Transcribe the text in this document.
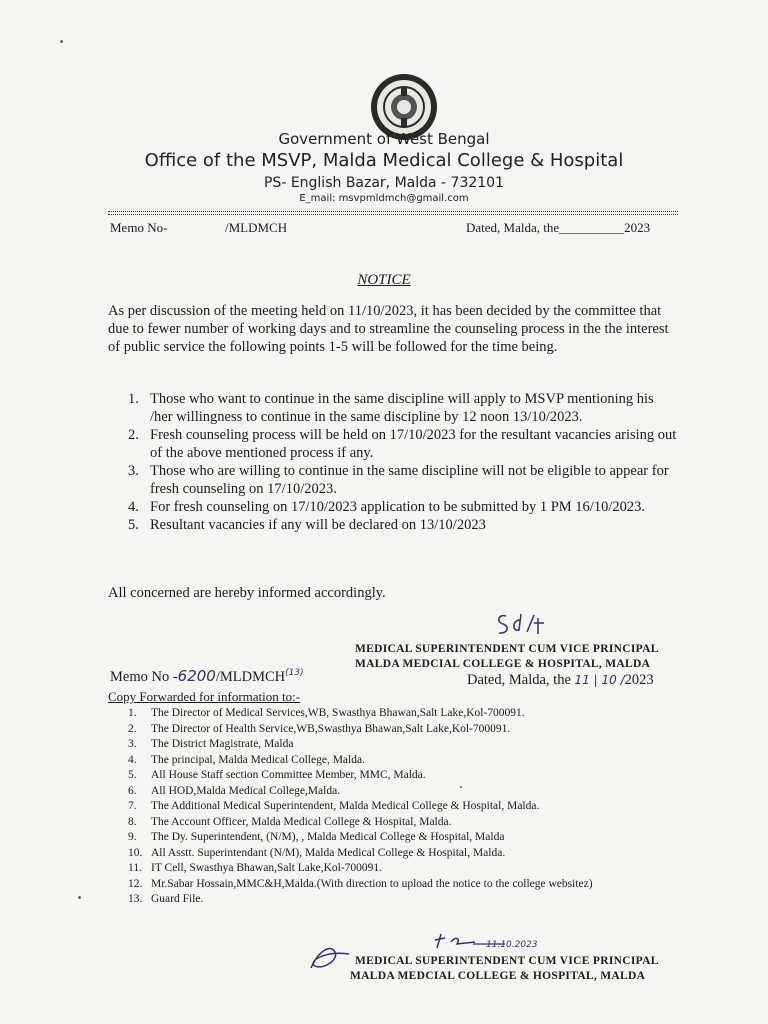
Government of West Bengal
Office of the MSVP, Malda Medical College & Hospital
PS- English Bazar, Malda - 732101
E_mail: msvpmldmch@gmail.com
Memo No-	/MLDMCH	Dated, Malda, the__________2023
NOTICE
As per discussion of the meeting held on 11/10/2023, it has been decided by the committee that due to fewer number of working days and to streamline the counseling process in the the interest of public service the following points 1-5 will be followed for the time being.
1. Those who want to continue in the same discipline will apply to MSVP mentioning his /her willingness to continue in the same discipline by 12 noon 13/10/2023.
2. Fresh counseling process will be held on 17/10/2023 for the resultant vacancies arising out of the above mentioned process if any.
3. Those who are willing to continue in the same discipline will not be eligible to appear for fresh counseling on 17/10/2023.
4. For fresh counseling on 17/10/2023 application to be submitted by 1 PM 16/10/2023.
5. Resultant vacancies if any will be declared on 13/10/2023
All concerned are hereby informed accordingly.
MEDICAL SUPERINTENDENT CUM VICE PRINCIPAL
MALDA MEDCIAL COLLEGE & HOSPITAL, MALDA
Memo No -6200/MLDMCH$^{(13)}$	Dated, Malda, the 11 | 10 /2023
Copy Forwarded for information to:-
1. The Director of Medical Services,WB, Swasthya Bhawan,Salt Lake,Kol-700091.
2. The Director of Health Service,WB,Swasthya Bhawan,Salt Lake,Kol-700091.
3. The District Magistrate, Malda
4. The principal, Malda Medical College, Malda.
5. All House Staff section Committee Member, MMC, Malda.
6. All HOD,Malda Medical College,Malda.
7. The Additional Medical Superintendent, Malda Medical College & Hospital, Malda.
8. The Account Officer, Malda Medical College & Hospital, Malda.
9. The Dy. Superintendent, (N/M), , Malda Medical College & Hospital, Malda
10. All Asstt. Superintendant (N/M), Malda Medical College & Hospital, Malda.
11. IT Cell, Swasthya Bhawan,Salt Lake,Kol-700091.
12. Mr.Sabar Hossain,MMC&H,Malda.(With direction to upload the notice to the college websitez)
13. Guard File.
11.10.2023
MEDICAL SUPERINTENDENT CUM VICE PRINCIPAL
MALDA MEDCIAL COLLEGE & HOSPITAL, MALDA
